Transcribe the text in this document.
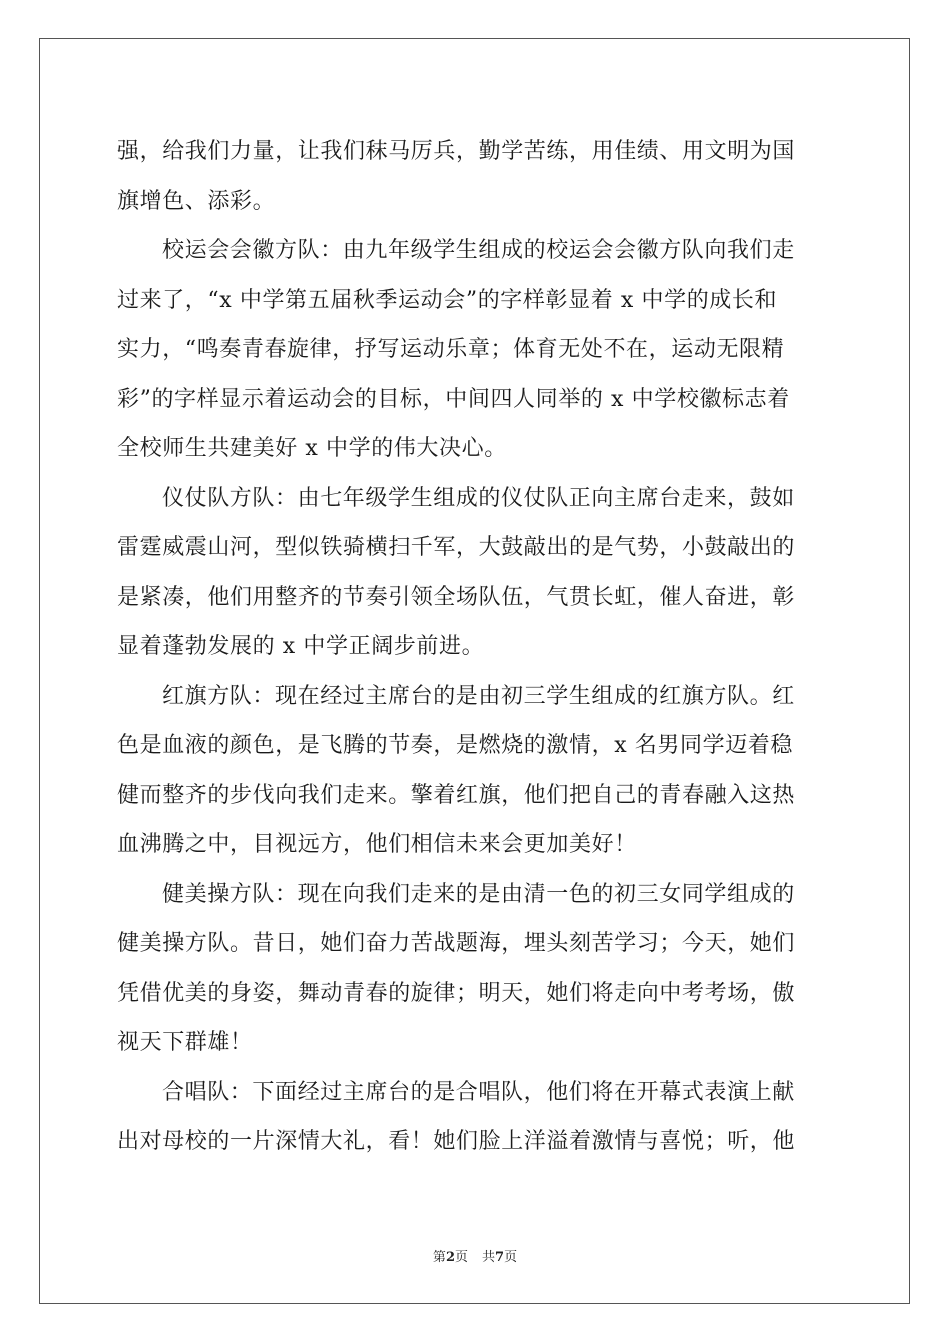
强，给我们力量，让我们秣马厉兵，勤学苦练，用佳绩、用文明为国
旗增色、添彩。
校运会会徽方队：由九年级学生组成的校运会会徽方队向我们走
过来了，“x 中学第五届秋季运动会”的字样彰显着 x 中学的成长和
实力，“鸣奏青春旋律，抒写运动乐章；体育无处不在，运动无限精
彩”的字样显示着运动会的目标，中间四人同举的 x 中学校徽标志着
全校师生共建美好 x 中学的伟大决心。
仪仗队方队：由七年级学生组成的仪仗队正向主席台走来，鼓如
雷霆威震山河，型似铁骑横扫千军，大鼓敲出的是气势，小鼓敲出的
是紧凑，他们用整齐的节奏引领全场队伍，气贯长虹，催人奋进，彰
显着蓬勃发展的 x 中学正阔步前进。
红旗方队：现在经过主席台的是由初三学生组成的红旗方队。红
色是血液的颜色，是飞腾的节奏，是燃烧的激情，x 名男同学迈着稳
健而整齐的步伐向我们走来。擎着红旗，他们把自己的青春融入这热
血沸腾之中，目视远方，他们相信未来会更加美好！
健美操方队：现在向我们走来的是由清一色的初三女同学组成的
健美操方队。昔日，她们奋力苦战题海，埋头刻苦学习；今天，她们
凭借优美的身姿，舞动青春的旋律；明天，她们将走向中考考场，傲
视天下群雄！
合唱队：下面经过主席台的是合唱队，他们将在开幕式表演上献
出对母校的一片深情大礼，看！她们脸上洋溢着激情与喜悦；听，他
第2页 共7页
